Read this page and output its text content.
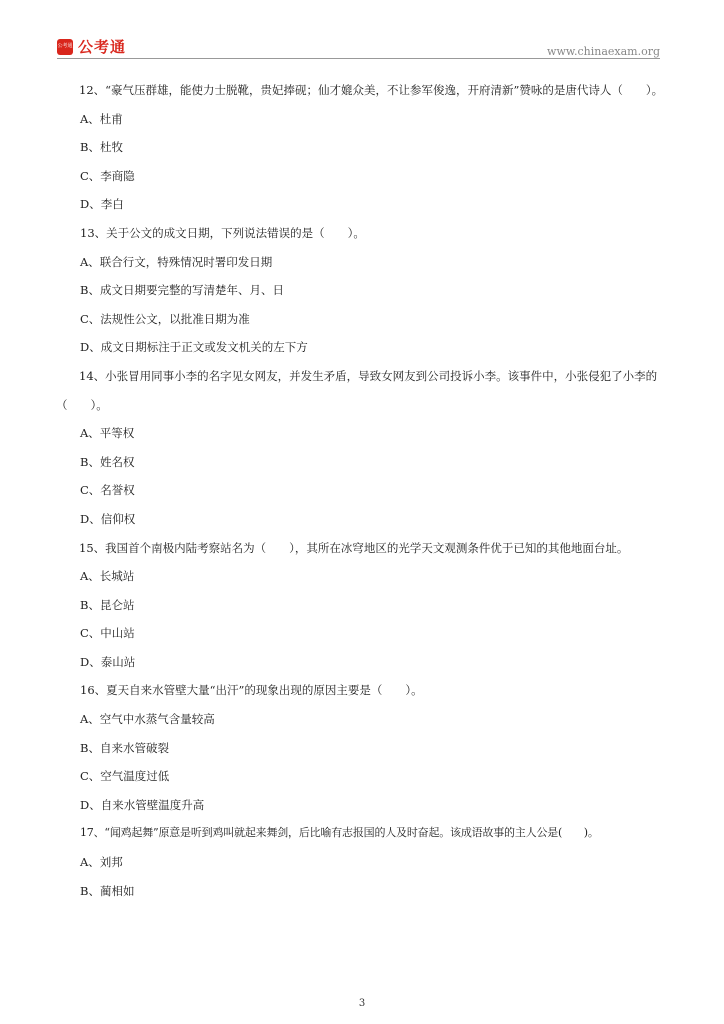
公考通 公考通	www.chinaexam.org

12、“豪气压群雄，能使力士脱靴，贵妃捧砚；仙才媲众美，不让参军俊逸，开府清新”赞咏的是唐代诗人（　　）。

A、杜甫

B、杜牧

C、李商隐

D、李白

13、关于公文的成文日期，下列说法错误的是（　　）。

A、联合行文，特殊情况时署印发日期

B、成文日期要完整的写清楚年、月、日

C、法规性公文，以批准日期为准

D、成文日期标注于正文或发文机关的左下方

14、小张冒用同事小李的名字见女网友，并发生矛盾，导致女网友到公司投诉小李。该事件中，小张侵犯了小李的（　　）。

A、平等权

B、姓名权

C、名誉权

D、信仰权

15、我国首个南极内陆考察站名为（　　），其所在冰穹地区的光学天文观测条件优于已知的其他地面台址。

A、长城站

B、昆仑站

C、中山站

D、泰山站

16、夏天自来水管壁大量“出汗”的现象出现的原因主要是（　　）。

A、空气中水蒸气含量较高

B、自来水管破裂

C、空气温度过低

D、自来水管壁温度升高

17、“闻鸡起舞”原意是听到鸡叫就起来舞剑，后比喻有志报国的人及时奋起。该成语故事的主人公是(　　)。

A、刘邦

B、蔺相如

3
